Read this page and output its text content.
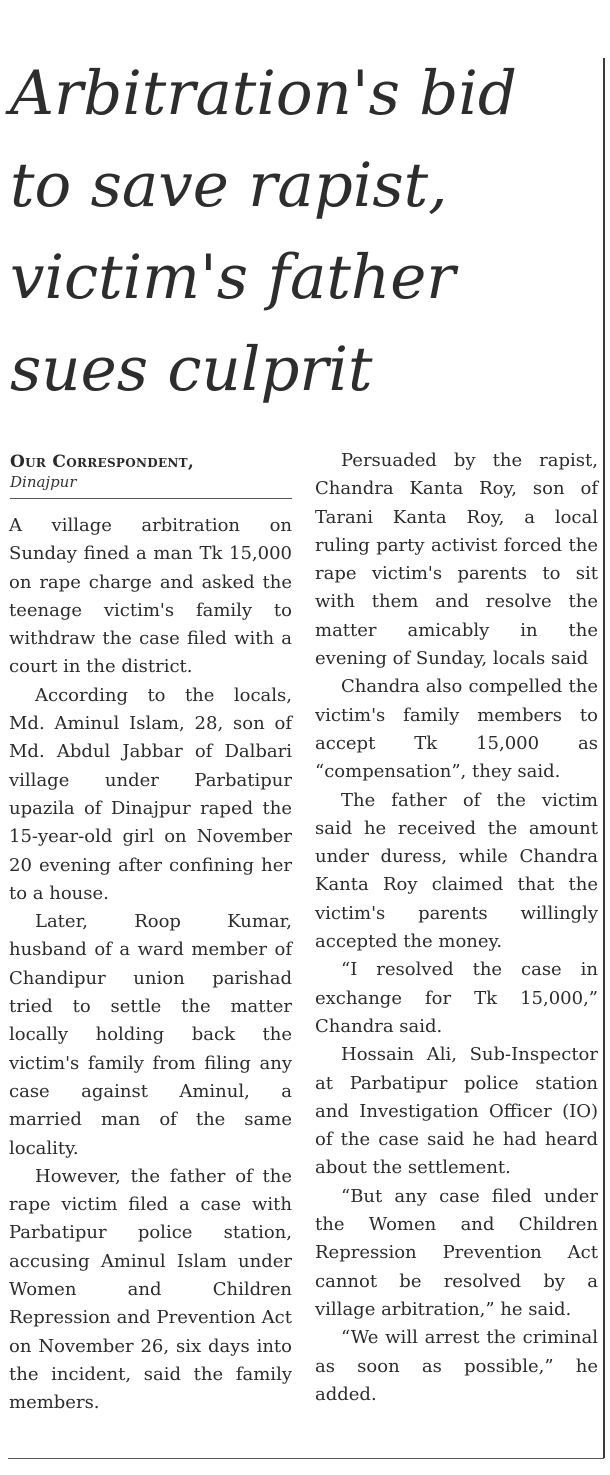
Arbitration's bid
to save rapist,
victim's father
sues culprit
Our Correspondent,
Dinajpur

A village arbitration on Sunday fined a man Tk 15,000 on rape charge and asked the teenage victim's family to withdraw the case filed with a court in the district.

According to the locals, Md. Aminul Islam, 28, son of Md. Abdul Jabbar of Dalbari village under Parbatipur upazila of Dinajpur raped the 15-year-old girl on November 20 evening after confining her to a house.

Later, Roop Kumar, husband of a ward member of Chandipur union parishad tried to settle the matter locally holding back the victim's family from filing any case against Aminul, a married man of the same locality.

However, the father of the rape victim filed a case with Parbatipur police station, accusing Aminul Islam under Women and Children Repression and Prevention Act on November 26, six days into the incident, said the family members.

Persuaded by the rapist, Chandra Kanta Roy, son of Tarani Kanta Roy, a local ruling party activist forced the rape victim's parents to sit with them and resolve the matter amicably in the evening of Sunday, locals said

Chandra also compelled the victim's family members to accept Tk 15,000 as “compensation”, they said.

The father of the victim said he received the amount under duress, while Chandra Kanta Roy claimed that the victim's parents willingly accepted the money.

“I resolved the case in exchange for Tk 15,000,” Chandra said.

Hossain Ali, Sub-Inspector at Parbatipur police station and Investigation Officer (IO) of the case said he had heard about the settlement.

“But any case filed under the Women and Children Repression Prevention Act cannot be resolved by a village arbitration,” he said.

“We will arrest the criminal as soon as possible,” he added.
